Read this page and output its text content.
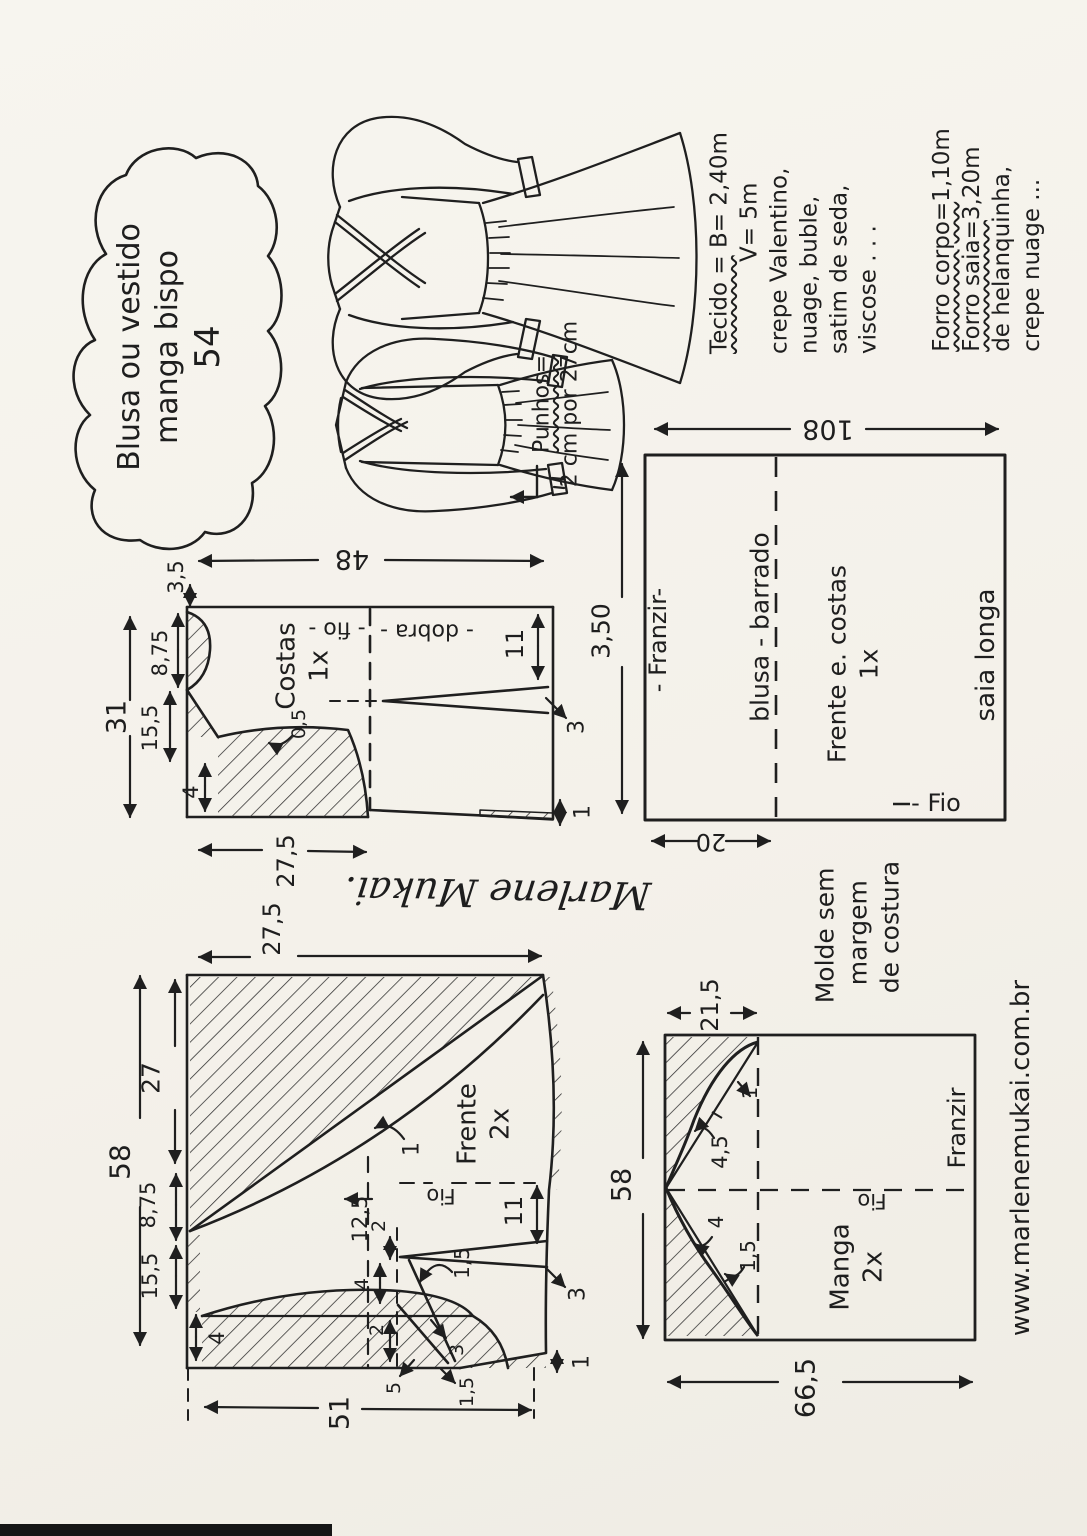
Blusa ou vestido manga bispo 54
Punhos= 2 cm por 27cm
Tecido = B= 2,40m V= 5m crepe Valentino, nuage, buble, satim de seda, viscose . . . Forro corpo=1,10m
Forro saia=3,20m de helanquinha, crepe nuage ...
Molde sem margem de costura
Marlene Mukai.
www.marlenemukai.com.br
48
31
3,5
8,75
15,5
4
27,5
Costas 1x
- fio - - dobra -
0,5
11
3
1
108
3,50 - Franzir-	blusa - barrado Frente e. costas 1x	saia longa
20
- Fio
27,5
58
27
8,75
15,5
4
51
Frente 2x
1
1,5
Fio
12,5
2
4
2
5
3
1,5
11
3
1
21,5
58
66,5
4,5
1
4
1,5	Manga 2x
Fio
Franzir
